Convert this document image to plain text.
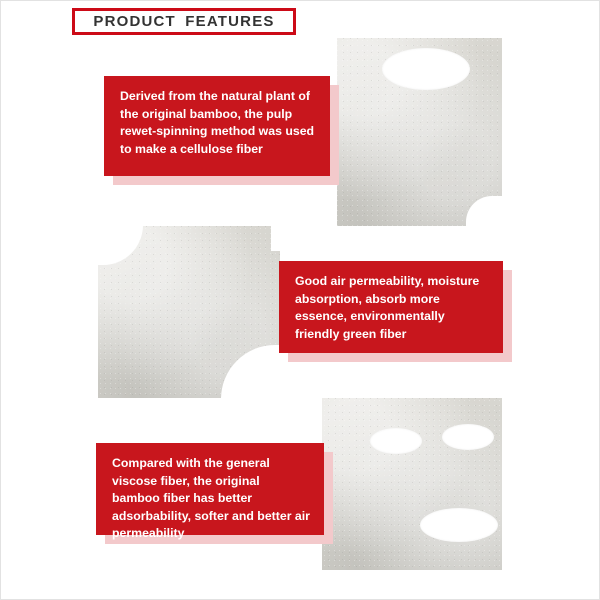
PRODUCT FEATURES

Derived from the natural plant of the original bamboo, the pulp rewet-spinning method was used to make a cellulose fiber

Good air permeability, moisture absorption, absorb more essence, environmentally friendly green fiber

Compared with the general viscose fiber, the original bamboo fiber has better adsorbability, softer and better air permeability
